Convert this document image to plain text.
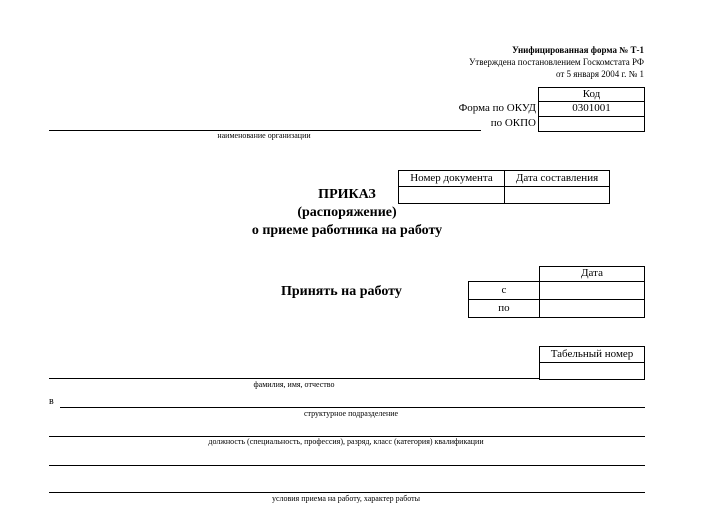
Унифицированная форма № Т-1
Утверждена постановлением Госкомстата РФ
от 5 января 2004 г. № 1
Код
0301001
Форма по ОКУД
по ОКПО
наименование организации
Номер документа	Дата составления
ПРИКАЗ
(распоряжение)
о приеме работника на работу
Принять на работу
Дата
с
по
Табельный номер
фамилия, имя, отчество
в
структурное подразделение
должность (специальность, профессия), разряд, класс (категория) квалификации
условия приема на работу, характер работы
